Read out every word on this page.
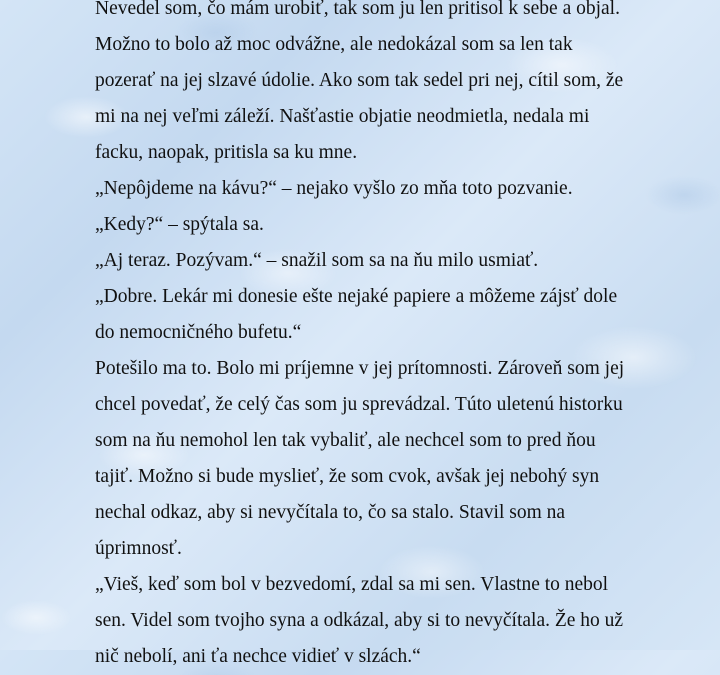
Nevedel som, čo mám urobiť, tak som ju len pritisol k sebe a objal.
Možno to bolo až moc odvážne, ale nedokázal som sa len tak
pozerať na jej slzavé údolie. Ako som tak sedel pri nej, cítil som, že
mi na nej veľmi záleží. Našťastie objatie neodmietla, nedala mi
facku, naopak, pritisla sa ku mne.
„Nepôjdeme na kávu?“ – nejako vyšlo zo mňa toto pozvanie.
„Kedy?“ – spýtala sa.
„Aj teraz. Pozývam.“ – snažil som sa na ňu milo usmiať.
„Dobre. Lekár mi donesie ešte nejaké papiere a môžeme zájsť dole
do nemocničného bufetu.“
Potešilo ma to. Bolo mi príjemne v jej prítomnosti. Zároveň som jej
chcel povedať, že celý čas som ju sprevádzal. Túto uletenú historku
som na ňu nemohol len tak vybaliť, ale nechcel som to pred ňou
tajiť. Možno si bude myslieť, že som cvok, avšak jej nebohý syn
nechal odkaz, aby si nevyčítala to, čo sa stalo. Stavil som na
úprimnosť.
„Vieš, keď som bol v bezvedomí, zdal sa mi sen. Vlastne to nebol
sen. Videl som tvojho syna a odkázal, aby si to nevyčítala. Že ho už
nič nebolí, ani ťa nechce vidieť v slzách.“
